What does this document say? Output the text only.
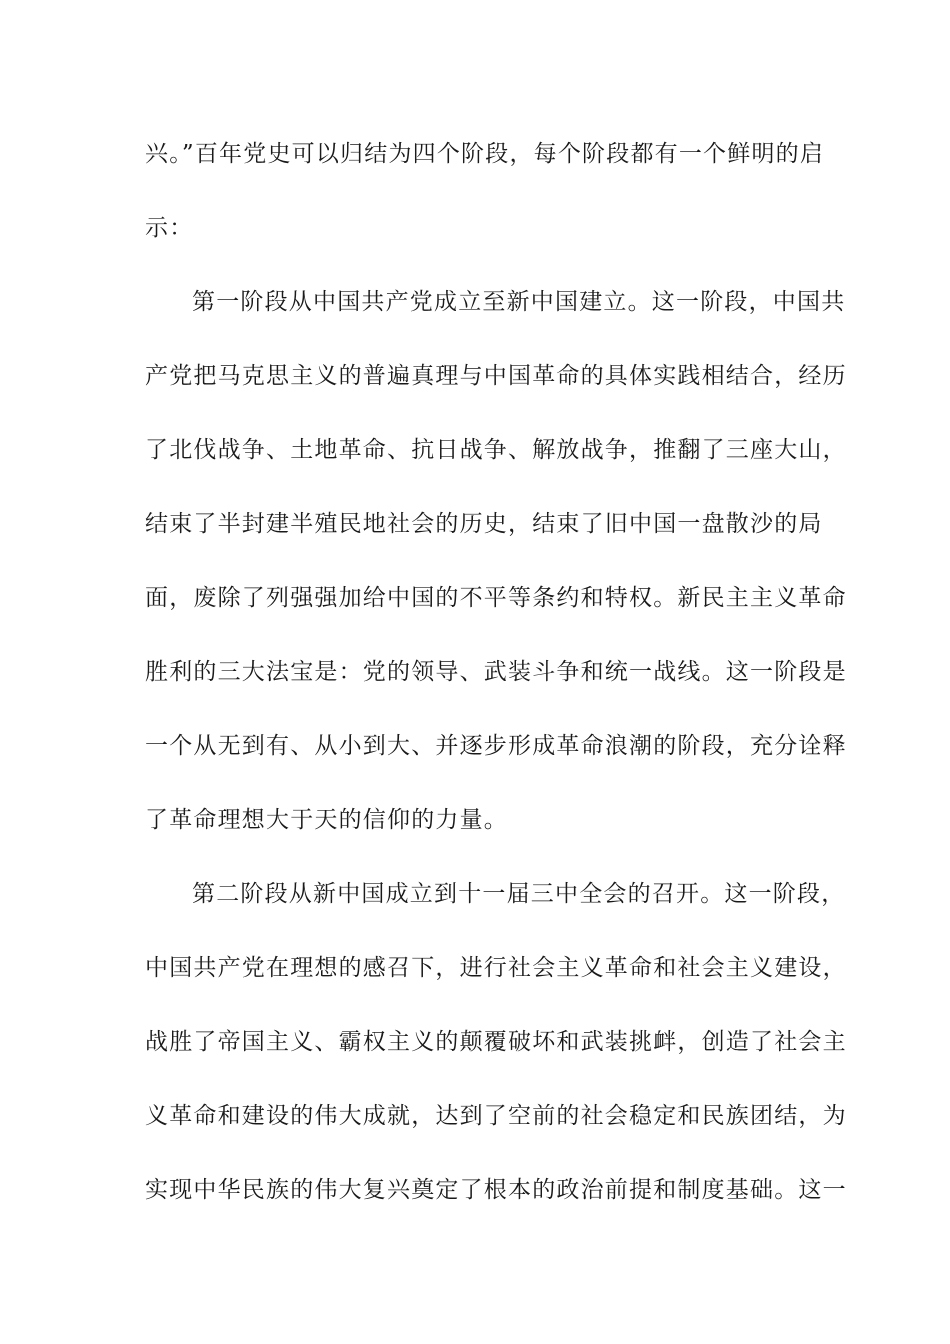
兴。”百年党史可以归结为四个阶段，每个阶段都有一个鲜明的启
示：
第一阶段从中国共产党成立至新中国建立。这一阶段，中国共
产党把马克思主义的普遍真理与中国革命的具体实践相结合，经历
了北伐战争、土地革命、抗日战争、解放战争，推翻了三座大山，
结束了半封建半殖民地社会的历史，结束了旧中国一盘散沙的局
面，废除了列强强加给中国的不平等条约和特权。新民主主义革命
胜利的三大法宝是：党的领导、武装斗争和统一战线。这一阶段是
一个从无到有、从小到大、并逐步形成革命浪潮的阶段，充分诠释
了革命理想大于天的信仰的力量。
第二阶段从新中国成立到十一届三中全会的召开。这一阶段，
中国共产党在理想的感召下，进行社会主义革命和社会主义建设，
战胜了帝国主义、霸权主义的颠覆破坏和武装挑衅，创造了社会主
义革命和建设的伟大成就，达到了空前的社会稳定和民族团结，为
实现中华民族的伟大复兴奠定了根本的政治前提和制度基础。这一
